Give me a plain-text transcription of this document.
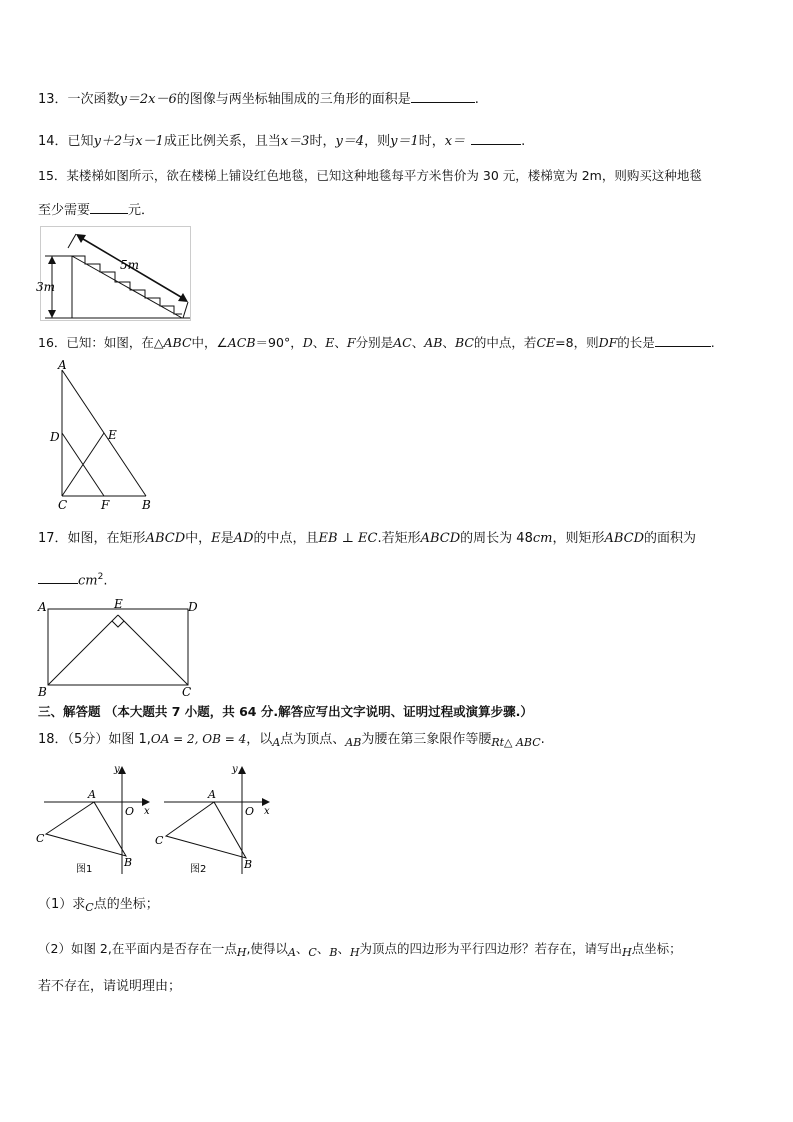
13．一次函数y＝2x－6的图像与两坐标轴围成的三角形的面积是	.
14．已知y＋2与x－1成正比例关系，且当x＝3时，y＝4，则y＝1时，x＝	.
15．某楼梯如图所示，欲在楼梯上铺设红色地毯，已知这种地毯每平方米售价为 30 元，楼梯宽为 2m，则购买这种地毯
至少需要	元．
5m
3m
16．已知：如图，在△ABC中，∠ACB＝90°，D、E、F分别是AC、AB、BC的中点，若CE=8，则DF的长是	.
A
D	E
C	F	B
17．如图，在矩形ABCD中，E是AD的中点，且EB ⊥ EC.若矩形ABCD的周长为 48cm，则矩形ABCD的面积为
$cm^2$.
A	E	D
B	C
三、解答题 （本大题共 7 小题，共 64 分.解答应写出文字说明、证明过程或演算步骤.）
18．（5分）如图 1,OA = 2, OB = 4，以$_A$点为顶点、$_{AB}$为腰在第三象限作等腰$_{Rt\triangle ABC}$.
x
y
A
O
C
B
图1
x
y
A
O
C
B
图2
（1）求$_C$点的坐标；
（2）如图 2,在平面内是否存在一点H,使得以A、C、B、H为顶点的四边形为平行四边形？若存在，请写出H点坐标；
若不存在，请说明理由；
